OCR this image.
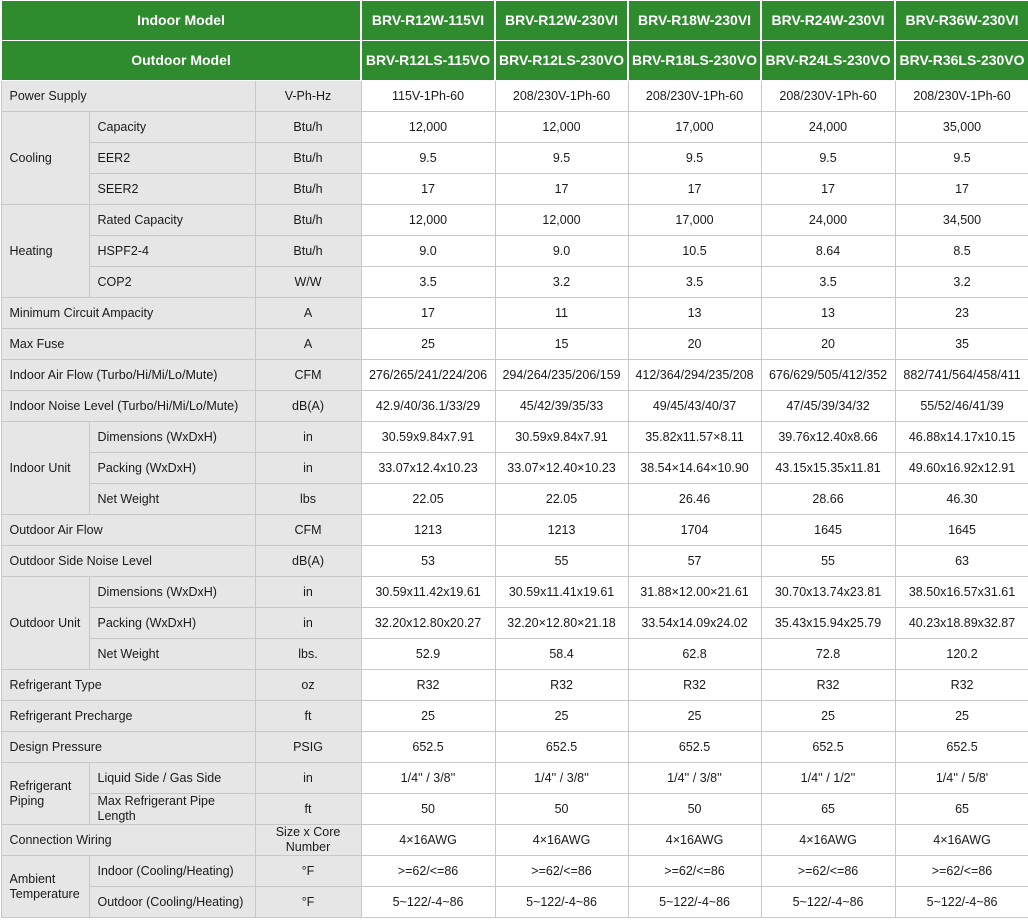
Indoor Model			BRV-R12W-115VI	BRV-R12W-230VI	BRV-R18W-230VI	BRV-R24W-230VI	BRV-R36W-230VI
Outdoor Model			BRV-R12LS-115VO	BRV-R12LS-230VO	BRV-R18LS-230VO	BRV-R24LS-230VO	BRV-R36LS-230VO
Power Supply		V-Ph-Hz	115V-1Ph-60	208/230V-1Ph-60	208/230V-1Ph-60	208/230V-1Ph-60	208/230V-1Ph-60
Cooling	Capacity	Btu/h	12,000	12,000	17,000	24,000	35,000
	EER2	Btu/h	9.5	9.5	9.5	9.5	9.5
	SEER2	Btu/h	17	17	17	17	17
Heating	Rated Capacity	Btu/h	12,000	12,000	17,000	24,000	34,500
	HSPF2-4	Btu/h	9.0	9.0	10.5	8.64	8.5
	COP2	W/W	3.5	3.2	3.5	3.5	3.2
Minimum Circuit Ampacity		A	17	11	13	13	23
Max Fuse		A	25	15	20	20	35
Indoor Air Flow (Turbo/Hi/Mi/Lo/Mute)		CFM	276/265/241/224/206	294/264/235/206/159	412/364/294/235/208	676/629/505/412/352	882/741/564/458/411
Indoor Noise Level (Turbo/Hi/Mi/Lo/Mute)		dB(A)	42.9/40/36.1/33/29	45/42/39/35/33	49/45/43/40/37	47/45/39/34/32	55/52/46/41/39
Indoor Unit	Dimensions (WxDxH)	in	30.59x9.84x7.91	30.59x9.84x7.91	35.82x11.57×8.11	39.76x12.40x8.66	46.88x14.17x10.15
	Packing (WxDxH)	in	33.07x12.4x10.23	33.07×12.40×10.23	38.54×14.64×10.90	43.15x15.35x11.81	49.60x16.92x12.91
	Net Weight	lbs	22.05	22.05	26.46	28.66	46.30
Outdoor Air Flow		CFM	1213	1213	1704	1645	1645
Outdoor Side Noise Level		dB(A)	53	55	57	55	63
Outdoor Unit	Dimensions (WxDxH)	in	30.59x11.42x19.61	30.59x11.41x19.61	31.88×12.00×21.61	30.70x13.74x23.81	38.50x16.57x31.61
	Packing (WxDxH)	in	32.20x12.80x20.27	32.20×12.80×21.18	33.54x14.09x24.02	35.43x15.94x25.79	40.23x18.89x32.87
	Net Weight	lbs.	52.9	58.4	62.8	72.8	120.2
Refrigerant Type		oz	R32	R32	R32	R32	R32
Refrigerant Precharge		ft	25	25	25	25	25
Design Pressure		PSIG	652.5	652.5	652.5	652.5	652.5
Refrigerant Piping	Liquid Side / Gas Side	in	1/4'' / 3/8''	1/4'' / 3/8''	1/4'' / 3/8''	1/4'' / 1/2''	1/4'' / 5/8'
	Max Refrigerant Pipe Length	ft	50	50	50	65	65
Connection Wiring		Size x Core Number	4×16AWG	4×16AWG	4×16AWG	4×16AWG	4×16AWG
Ambient Temperature	Indoor (Cooling/Heating)	°F	>=62/<=86	>=62/<=86	>=62/<=86	>=62/<=86	>=62/<=86
	Outdoor (Cooling/Heating)	°F	5~122/-4~86	5~122/-4~86	5~122/-4~86	5~122/-4~86	5~122/-4~86
